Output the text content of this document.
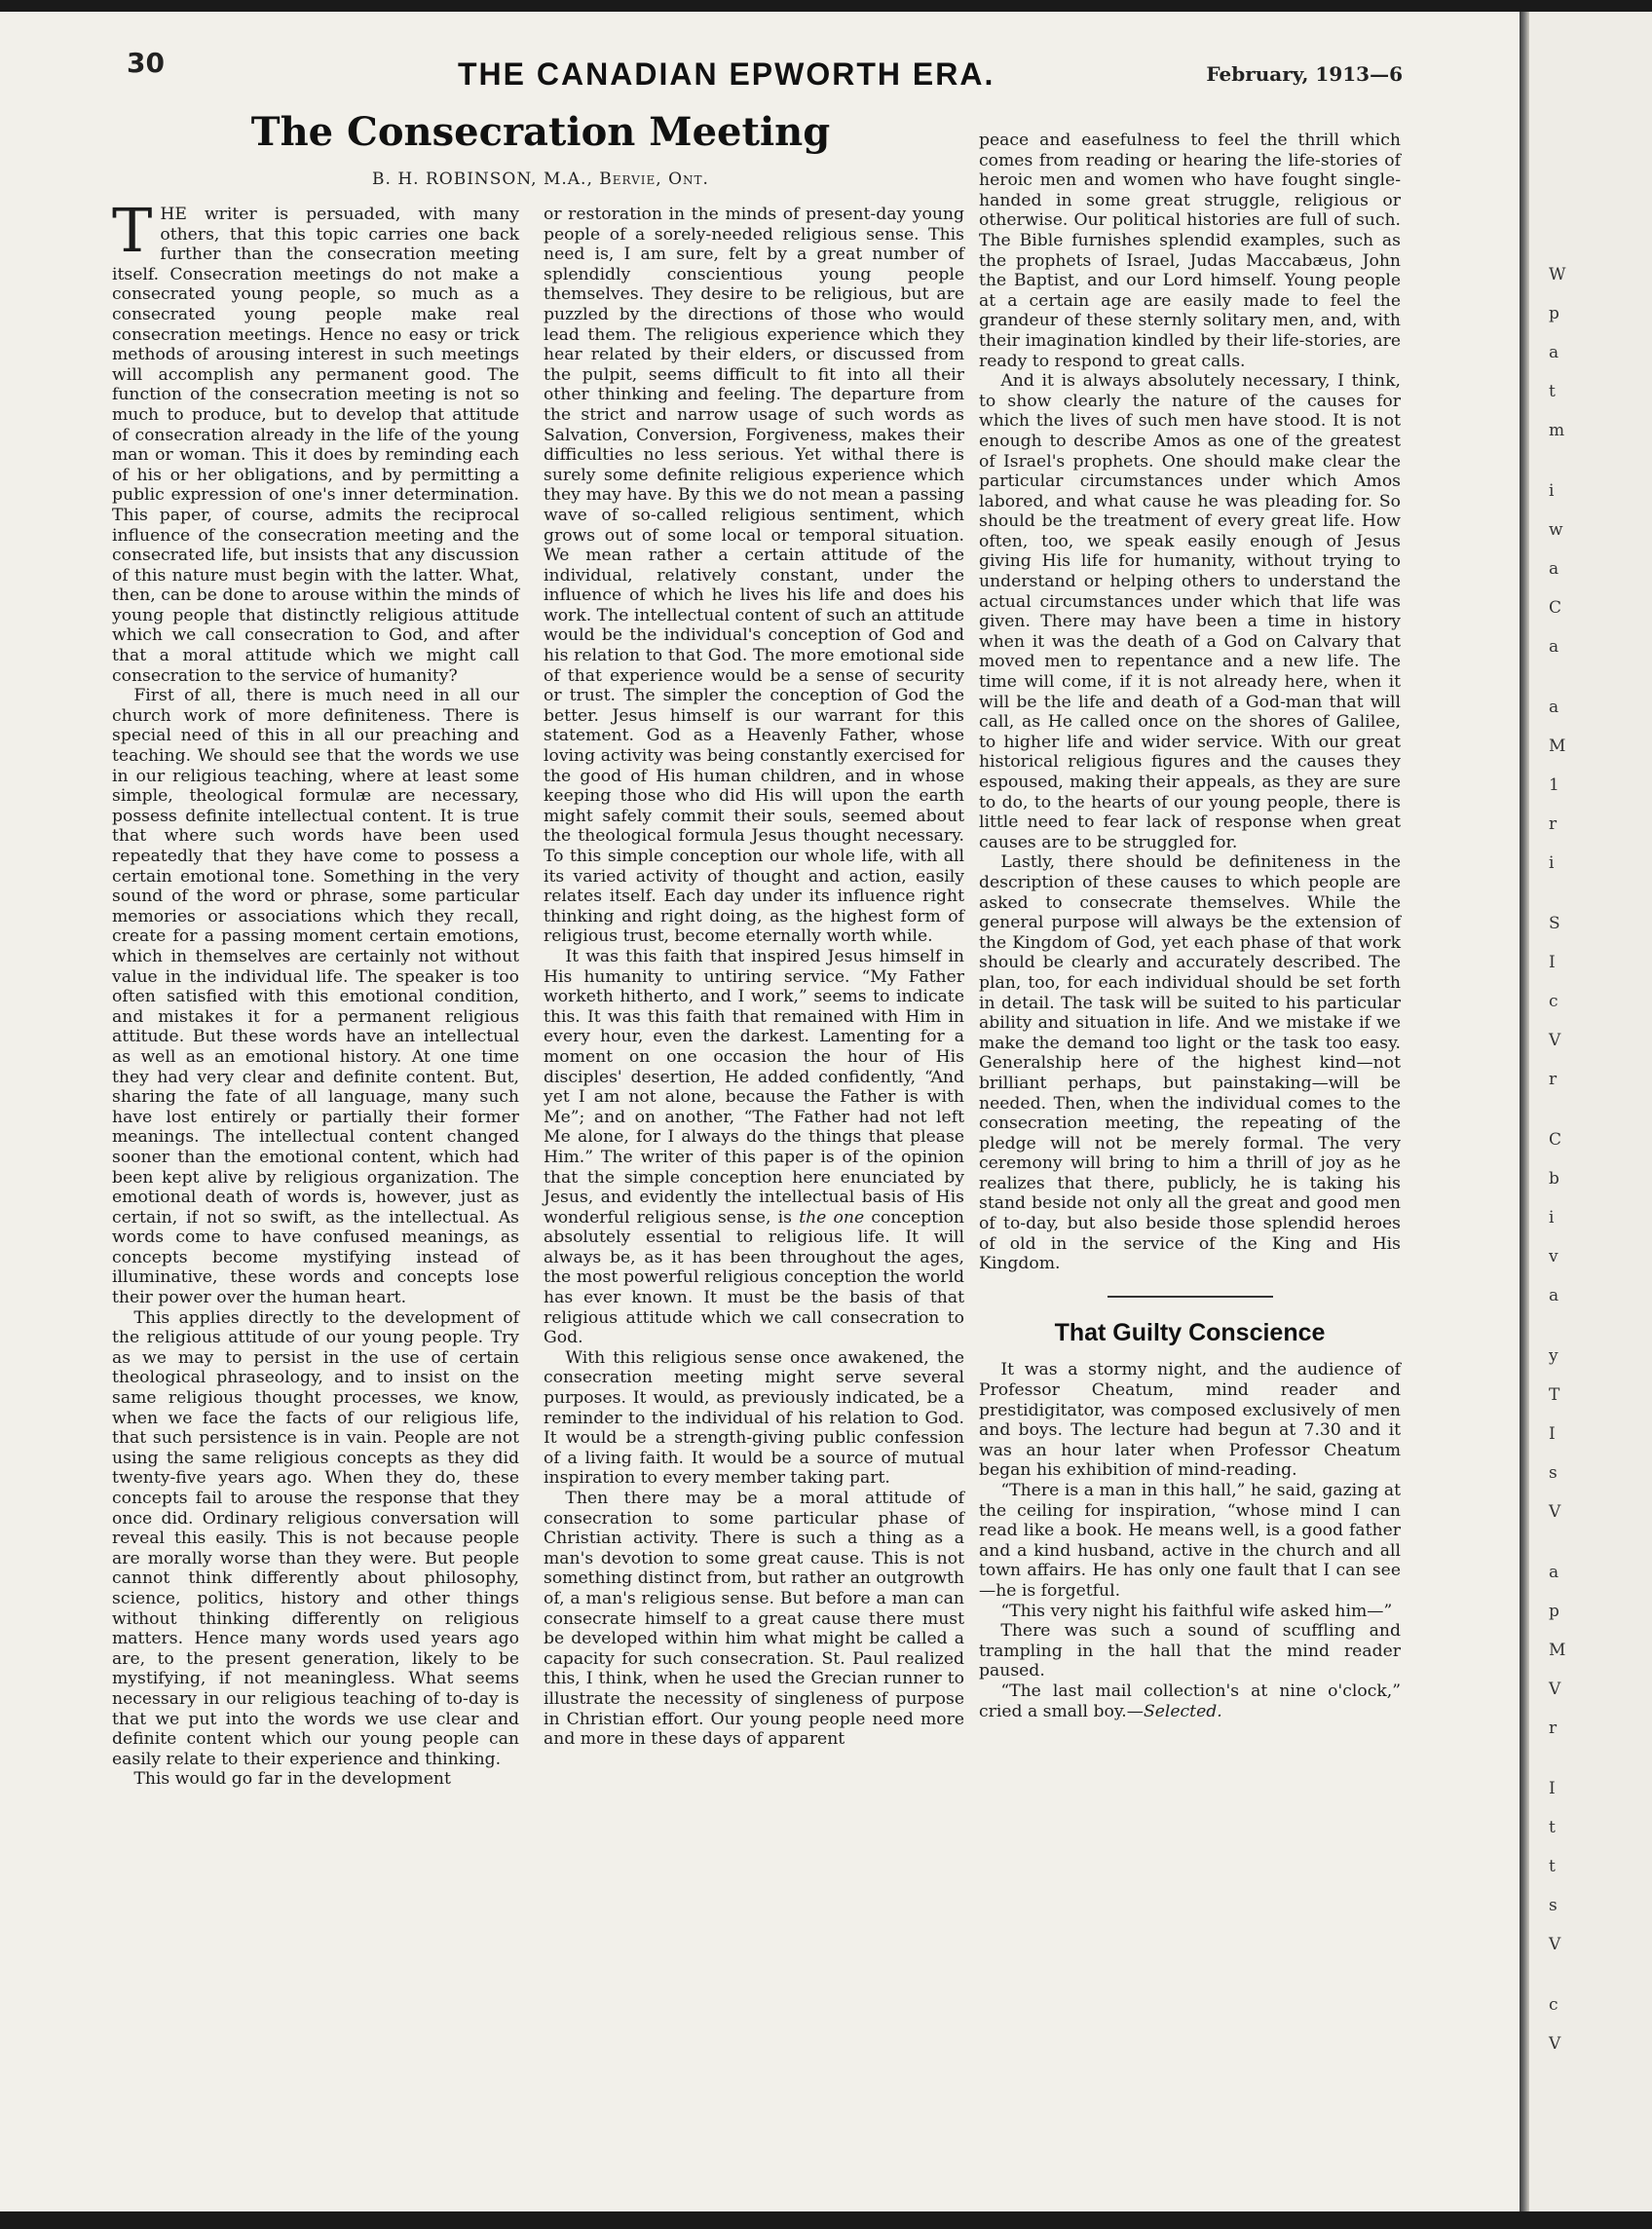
30	THE CANADIAN EPWORTH ERA.	February, 1913—6
The Consecration Meeting
B. H. ROBINSON, M.A., Bervie, Ont.

THE writer is persuaded, with many others, that this topic carries one back further than the consecration meeting itself. Consecration meetings do not make a consecrated young people, so much as a consecrated young people make real consecration meetings. Hence no easy or trick methods of arousing interest in such meetings will accomplish any permanent good. The function of the consecration meeting is not so much to produce, but to develop that attitude of consecration already in the life of the young man or woman. This it does by reminding each of his or her obligations, and by permitting a public expression of one's inner determination. This paper, of course, admits the reciprocal influence of the consecration meeting and the consecrated life, but insists that any discussion of this nature must begin with the latter. What, then, can be done to arouse within the minds of young people that distinctly religious attitude which we call consecration to God, and after that a moral attitude which we might call consecration to the service of humanity?

First of all, there is much need in all our church work of more definiteness. There is special need of this in all our preaching and teaching. We should see that the words we use in our religious teaching, where at least some simple, theological formulæ are necessary, possess definite intellectual content. It is true that where such words have been used repeatedly that they have come to possess a certain emotional tone. Something in the very sound of the word or phrase, some particular memories or associations which they recall, create for a passing moment certain emotions, which in themselves are certainly not without value in the individual life. The speaker is too often satisfied with this emotional condition, and mistakes it for a permanent religious attitude. But these words have an intellectual as well as an emotional history. At one time they had very clear and definite content. But, sharing the fate of all language, many such have lost entirely or partially their former meanings. The intellectual content changed sooner than the emotional content, which had been kept alive by religious organization. The emotional death of words is, however, just as certain, if not so swift, as the intellectual. As words come to have confused meanings, as concepts become mystifying instead of illuminative, these words and concepts lose their power over the human heart.

This applies directly to the development of the religious attitude of our young people. Try as we may to persist in the use of certain theological phraseology, and to insist on the same religious thought processes, we know, when we face the facts of our religious life, that such persistence is in vain. People are not using the same religious concepts as they did twenty-five years ago. When they do, these concepts fail to arouse the response that they once did. Ordinary religious conversation will reveal this easily. This is not because people are morally worse than they were. But people cannot think differently about philosophy, science, politics, history and other things without thinking differently on religious matters. Hence many words used years ago are, to the present generation, likely to be mystifying, if not meaningless. What seems necessary in our religious teaching of to-day is that we put into the words we use clear and definite content which our young people can easily relate to their experience and thinking.

This would go far in the development

or restoration in the minds of present-day young people of a sorely-needed religious sense. This need is, I am sure, felt by a great number of splendidly conscientious young people themselves. They desire to be religious, but are puzzled by the directions of those who would lead them. The religious experience which they hear related by their elders, or discussed from the pulpit, seems difficult to fit into all their other thinking and feeling. The departure from the strict and narrow usage of such words as Salvation, Conversion, Forgiveness, makes their difficulties no less serious. Yet withal there is surely some definite religious experience which they may have. By this we do not mean a passing wave of so-called religious sentiment, which grows out of some local or temporal situation. We mean rather a certain attitude of the individual, relatively constant, under the influence of which he lives his life and does his work. The intellectual content of such an attitude would be the individual's conception of God and his relation to that God. The more emotional side of that experience would be a sense of security or trust. The simpler the conception of God the better. Jesus himself is our warrant for this statement. God as a Heavenly Father, whose loving activity was being constantly exercised for the good of His human children, and in whose keeping those who did His will upon the earth might safely commit their souls, seemed about the theological formula Jesus thought necessary. To this simple conception our whole life, with all its varied activity of thought and action, easily relates itself. Each day under its influence right thinking and right doing, as the highest form of religious trust, become eternally worth while.

It was this faith that inspired Jesus himself in His humanity to untiring service. “My Father worketh hitherto, and I work,” seems to indicate this. It was this faith that remained with Him in every hour, even the darkest. Lamenting for a moment on one occasion the hour of His disciples' desertion, He added confidently, “And yet I am not alone, because the Father is with Me”; and on another, “The Father had not left Me alone, for I always do the things that please Him.” The writer of this paper is of the opinion that the simple conception here enunciated by Jesus, and evidently the intellectual basis of His wonderful religious sense, is the one conception absolutely essential to religious life. It will always be, as it has been throughout the ages, the most powerful religious conception the world has ever known. It must be the basis of that religious attitude which we call consecration to God.

With this religious sense once awakened, the consecration meeting might serve several purposes. It would, as previously indicated, be a reminder to the individual of his relation to God. It would be a strength-giving public confession of a living faith. It would be a source of mutual inspiration to every member taking part.

Then there may be a moral attitude of consecration to some particular phase of Christian activity. There is such a thing as a man's devotion to some great cause. This is not something distinct from, but rather an outgrowth of, a man's religious sense. But before a man can consecrate himself to a great cause there must be developed within him what might be called a capacity for such consecration. St. Paul realized this, I think, when he used the Grecian runner to illustrate the necessity of singleness of purpose in Christian effort. Our young people need more and more in these days of apparent

peace and easefulness to feel the thrill which comes from reading or hearing the life-stories of heroic men and women who have fought single-handed in some great struggle, religious or otherwise. Our political histories are full of such. The Bible furnishes splendid examples, such as the prophets of Israel, Judas Maccabæus, John the Baptist, and our Lord himself. Young people at a certain age are easily made to feel the grandeur of these sternly solitary men, and, with their imagination kindled by their life-stories, are ready to respond to great calls.

And it is always absolutely necessary, I think, to show clearly the nature of the causes for which the lives of such men have stood. It is not enough to describe Amos as one of the greatest of Israel's prophets. One should make clear the particular circumstances under which Amos labored, and what cause he was pleading for. So should be the treatment of every great life. How often, too, we speak easily enough of Jesus giving His life for humanity, without trying to understand or helping others to understand the actual circumstances under which that life was given. There may have been a time in history when it was the death of a God on Calvary that moved men to repentance and a new life. The time will come, if it is not already here, when it will be the life and death of a God-man that will call, as He called once on the shores of Galilee, to higher life and wider service. With our great historical religious figures and the causes they espoused, making their appeals, as they are sure to do, to the hearts of our young people, there is little need to fear lack of response when great causes are to be struggled for.

Lastly, there should be definiteness in the description of these causes to which people are asked to consecrate themselves. While the general purpose will always be the extension of the Kingdom of God, yet each phase of that work should be clearly and accurately described. The plan, too, for each individual should be set forth in detail. The task will be suited to his particular ability and situation in life. And we mistake if we make the demand too light or the task too easy. Generalship here of the highest kind—not brilliant perhaps, but painstaking—will be needed. Then, when the individual comes to the consecration meeting, the repeating of the pledge will not be merely formal. The very ceremony will bring to him a thrill of joy as he realizes that there, publicly, he is taking his stand beside not only all the great and good men of to-day, but also beside those splendid heroes of old in the service of the King and His Kingdom.

That Guilty Conscience

It was a stormy night, and the audience of Professor Cheatum, mind reader and prestidigitator, was composed exclusively of men and boys. The lecture had begun at 7.30 and it was an hour later when Professor Cheatum began his exhibition of mind-reading.

“There is a man in this hall,” he said, gazing at the ceiling for inspiration, “whose mind I can read like a book. He means well, is a good father and a kind husband, active in the church and all town affairs. He has only one fault that I can see—he is forgetful.

“This very night his faithful wife asked him—”

There was such a sound of scuffling and trampling in the hall that the mind reader paused.

“The last mail collection's at nine o'clock,” cried a small boy.—Selected.

W
p
a
t
m
i
w
a
C
a
a
M
1
r
i
S
I
c
V
r
C
b
i
v
a
y
T
I
s
V
a
p
M
V
r
I
t
t
s
V
c
V
